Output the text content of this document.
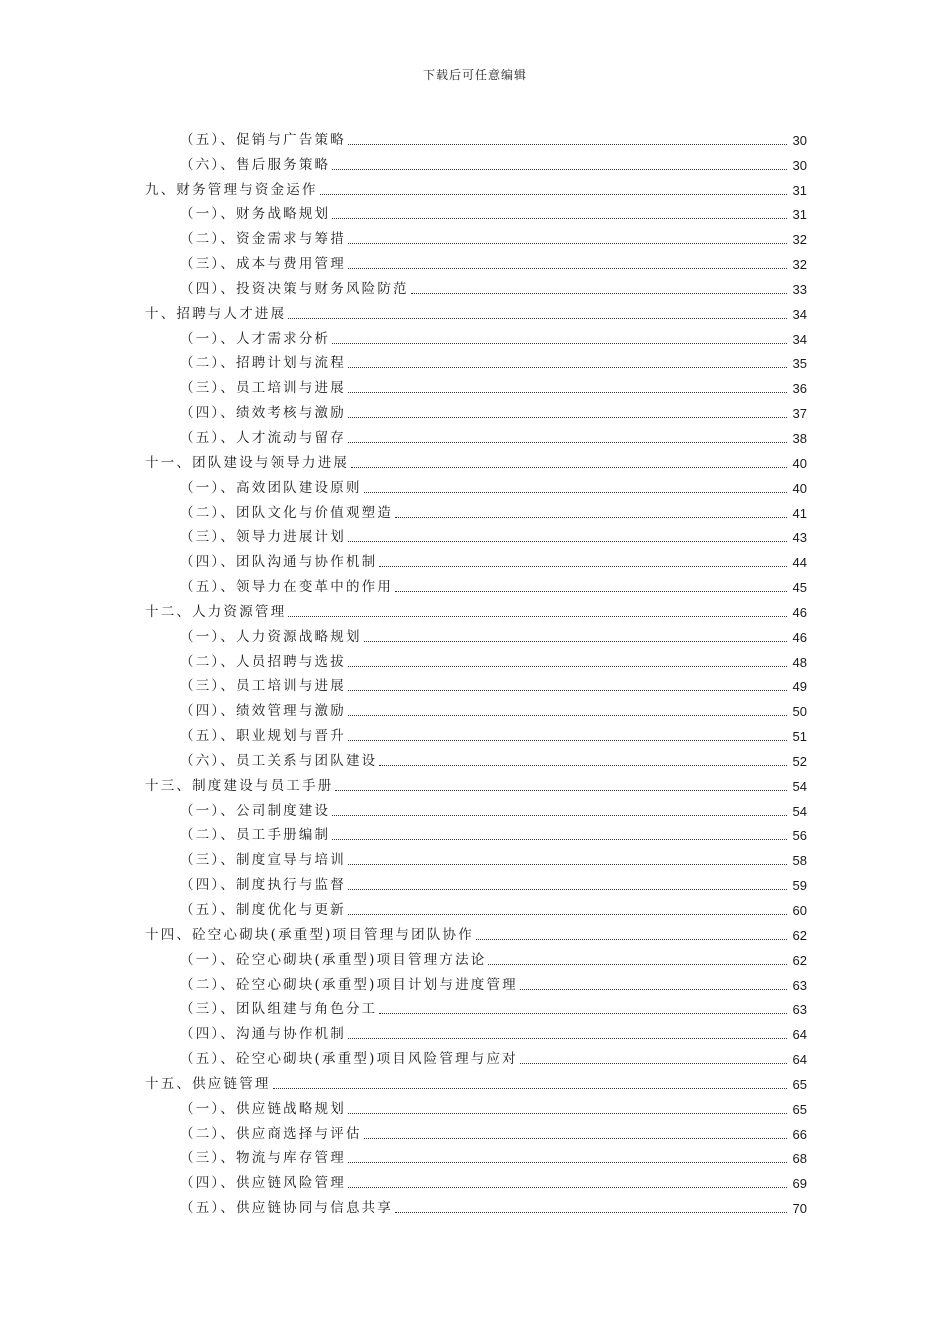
下载后可任意编辑
（五）、促销与广告策略	30
（六）、售后服务策略	30
九、财务管理与资金运作	31
（一）、财务战略规划	31
（二）、资金需求与筹措	32
（三）、成本与费用管理	32
（四）、投资决策与财务风险防范	33
十、招聘与人才进展	34
（一）、人才需求分析	34
（二）、招聘计划与流程	35
（三）、员工培训与进展	36
（四）、绩效考核与激励	37
（五）、人才流动与留存	38
十一、团队建设与领导力进展	40
（一）、高效团队建设原则	40
（二）、团队文化与价值观塑造	41
（三）、领导力进展计划	43
（四）、团队沟通与协作机制	44
（五）、领导力在变革中的作用	45
十二、人力资源管理	46
（一）、人力资源战略规划	46
（二）、人员招聘与选拔	48
（三）、员工培训与进展	49
（四）、绩效管理与激励	50
（五）、职业规划与晋升	51
（六）、员工关系与团队建设	52
十三、制度建设与员工手册	54
（一）、公司制度建设	54
（二）、员工手册编制	56
（三）、制度宣导与培训	58
（四）、制度执行与监督	59
（五）、制度优化与更新	60
十四、砼空心砌块(承重型)项目管理与团队协作	62
（一）、砼空心砌块(承重型)项目管理方法论	62
（二）、砼空心砌块(承重型)项目计划与进度管理	63
（三）、团队组建与角色分工	63
（四）、沟通与协作机制	64
（五）、砼空心砌块(承重型)项目风险管理与应对	64
十五、供应链管理	65
（一）、供应链战略规划	65
（二）、供应商选择与评估	66
（三）、物流与库存管理	68
（四）、供应链风险管理	69
（五）、供应链协同与信息共享	70
